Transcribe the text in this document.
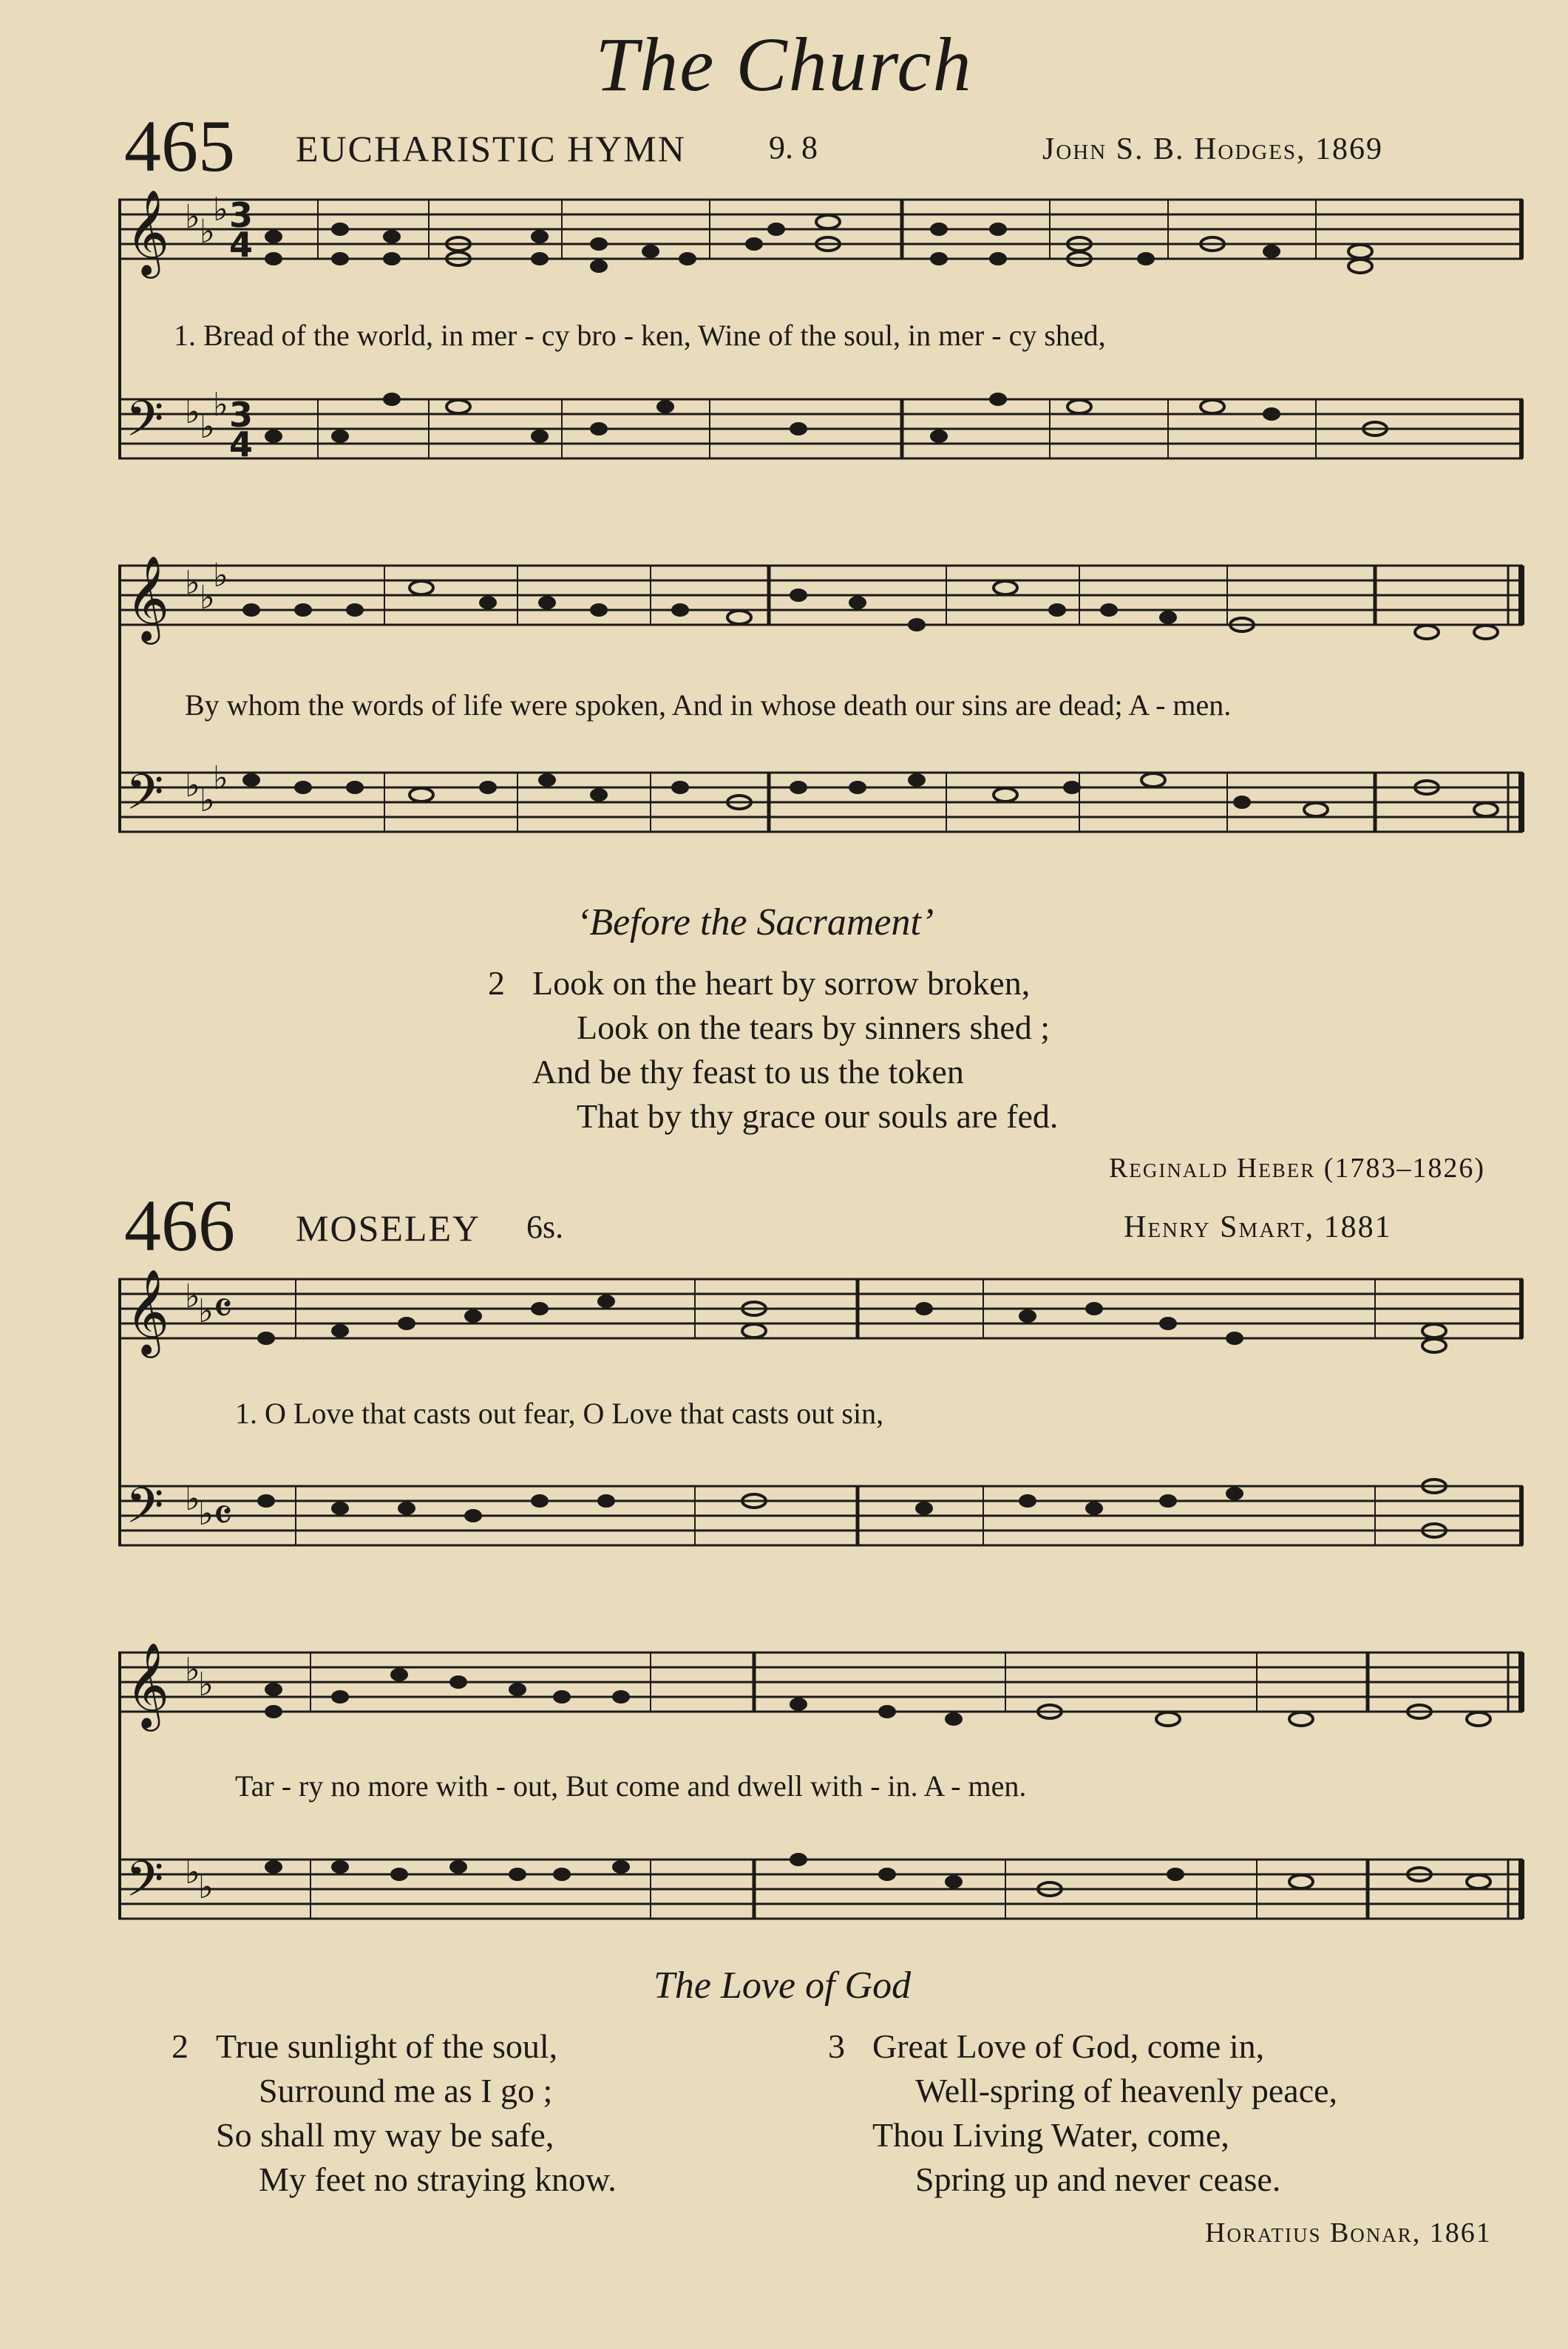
The Church
465 EUCHARISTIC HYMN	9. 8	John S. B. Hodges, 1869
𝄞
𝄢
♭ ♭
♭
♭ ♭
♭
3
4
3
4
1. Bread of the world, in mer - cy bro - ken, Wine of the soul, in mer - cy shed,
𝄞
𝄢
♭ ♭
♭
♭ ♭
♭
By whom the words of life were spoken, And in whose death our sins are dead; A - men.
‘Before the Sacrament’
2 Look on the heart by sorrow broken,
Look on the tears by sinners shed ;
And be thy feast to us the token
That by thy grace our souls are fed.
Reginald Heber (1783–1826)
466 MOSELEY 6s.	Henry Smart, 1881
𝄞
𝄢
♭
♭
♭
♭
𝄴
𝄴
1. O Love that casts out fear, O Love that casts out sin,
𝄞
𝄢
♭
♭
♭
♭
Tar - ry no more with - out, But come and dwell with - in. A - men.
The Love of God
2 True sunlight of the soul,
Surround me as I go ;
So shall my way be safe,
My feet no straying know.
3 Great Love of God, come in,
Well-spring of heavenly peace,
Thou Living Water, come,
Spring up and never cease.
Horatius Bonar, 1861
